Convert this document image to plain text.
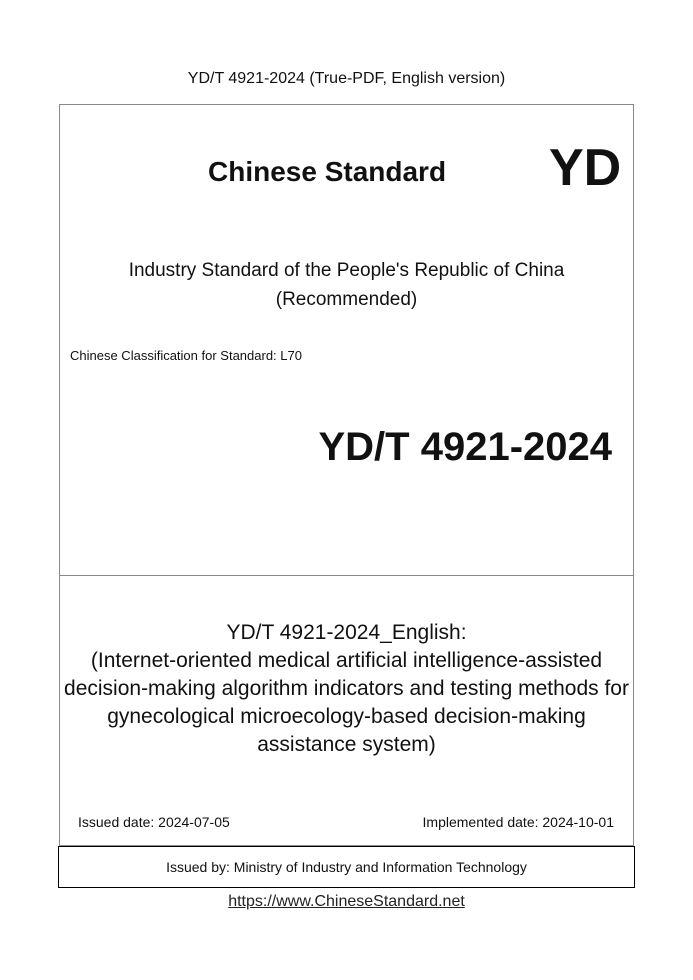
YD/T 4921-2024 (True-PDF, English version)
Chinese Standard YD
Industry Standard of the People's Republic of China
(Recommended)
Chinese Classification for Standard: L70
YD/T 4921-2024
YD/T 4921-2024_English:
(Internet-oriented medical artificial intelligence-assisted
decision-making algorithm indicators and testing methods for
gynecological microecology-based decision-making
assistance system)
Issued date: 2024-07-05	Implemented date: 2024-10-01
Issued by: Ministry of Industry and Information Technology
https://www.ChineseStandard.net
